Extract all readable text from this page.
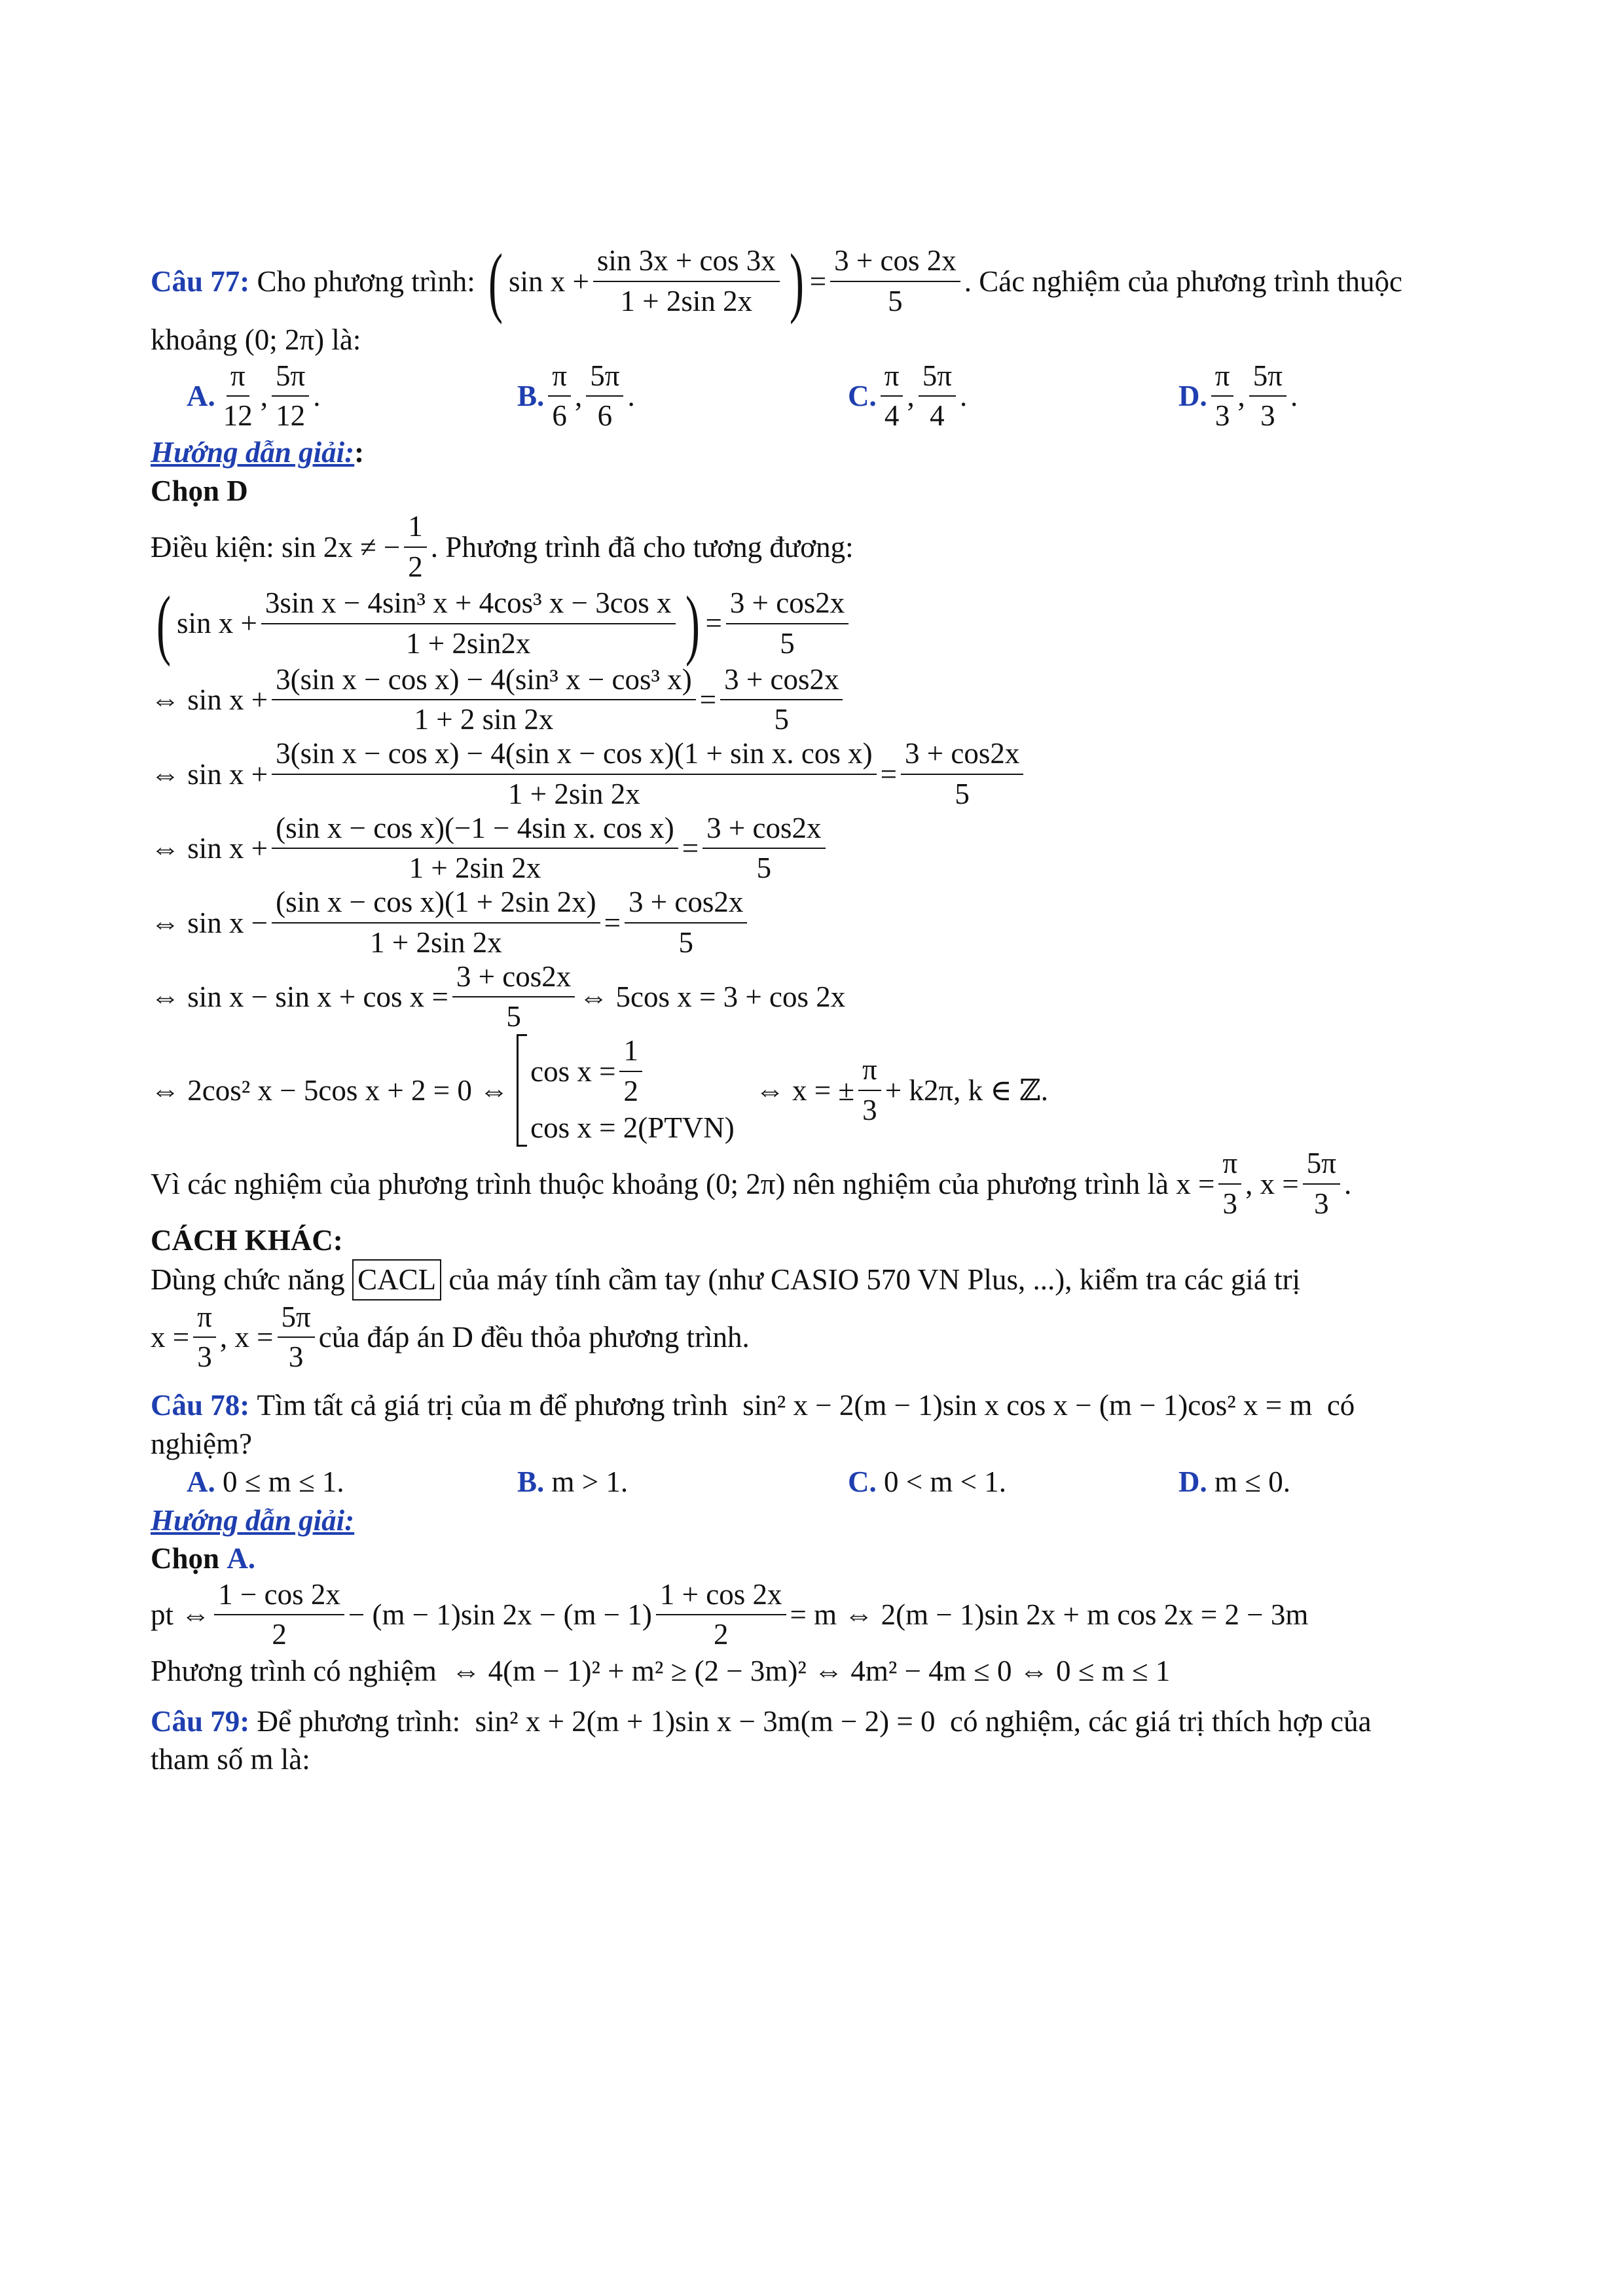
Câu 77:
Cho phương trình:
( $\sin x + \frac{\sin 3x + \cos 3x}{1 + 2\sin 2x}$ ) = $\frac{3 + \cos 2x}{5}$ . Các nghiệm của phương trình thuộc
khoảng (0; 2π) là:
A. $\frac{\pi}{12}$ , $\frac{5\pi}{12}$ .	B. $\frac{\pi}{6}$ , $\frac{5\pi}{6}$ .	C. $\frac{\pi}{4}$ , $\frac{5\pi}{4}$ .	D. $\frac{\pi}{3}$ , $\frac{5\pi}{3}$ .
Hướng dẫn giải: :
Chọn D
Điều kiện: sin 2x ≠ − $\frac{1}{2}$ . Phương trình đã cho tương đương:
( $\sin x + \frac{\text{3sin x − 4sin³ x + 4cos³ x − 3cos x}}{1 + 2\sin 2x}$ ) = $\frac{3 + \cos 2x}{5}$
⇔ $\sin x + \frac{\text{3(sin x − cos x) − 4(sin³ x − cos³ x)}}{1 + 2 \sin 2x} = \frac{3 + \cos 2x}{5}$
⇔ $\sin x + \frac{\text{3(sin x − cos x) − 4(sin x − cos x)(1 + sin x. cos x)}}{1 + 2\sin 2x} = \frac{3 + \cos 2x}{5}$
⇔ $\sin x + \frac{\text{(sin x − cos x)(−1 − 4sin x. cos x)}}{1 + 2\sin 2x} = \frac{3 + \cos 2x}{5}$
⇔ $\sin x - \frac{\text{(sin x − cos x)(1 + 2sin 2x)}}{1 + 2\sin 2x} = \frac{3 + \cos 2x}{5}$
⇔ $\sin x - \sin x + \cos x = \frac{3 + \cos 2x}{5}$ ⇔ 5cos x = 3 + cos 2x
⇔ 2cos² x − 5cos x + 2 = 0 ⇔
$\cos x = \frac{1}{2}$
cos x = 2(PTVN)
⇔ x = ± $\frac{\pi}{3} + k2\pi$, k ∈ ℤ.
Vì các nghiệm của phương trình thuộc khoảng (0; 2π) nên nghiệm của phương trình là
$x = \frac{\pi}{3}$ , $x = \frac{5\pi}{3}$ .
CÁCH KHÁC:
Dùng chức năng
CACL
của máy tính cầm tay (như CASIO 570 VN Plus, ...), kiểm tra các giá trị
$x = \frac{\pi}{3}$ , $x = \frac{5\pi}{3}$ của đáp án D đều thỏa phương trình.
Câu 78:
Tìm tất cả giá trị của m để phương trình
sin² x − 2(m − 1)sin x cos x − (m − 1)cos² x = m
có
nghiệm?
A.
0 ≤ m ≤ 1.	B.
m > 1.	C.
0 < m < 1.	D.
m ≤ 0.
Hướng dẫn giải:
Chọn
A.
pt ⇔ $\frac{1 - \cos 2x}{2} - (m - 1)\sin$ $2x - (m - 1) \frac{1 + \cos 2x}{2} = m$ ⇔ 2(m − 1)sin 2x + m cos 2x = 2 − 3m
Phương trình có nghiệm
⇔ 4(m − 1)² + m² ≥ (2 − 3m)² ⇔ 4m² − 4m ≤ 0 ⇔ 0 ≤ m ≤ 1
Câu 79:
Để phương trình:
sin² x + 2(m + 1)sin x − 3m(m − 2) = 0
có nghiệm, các giá trị thích hợp của
tham số m là:
